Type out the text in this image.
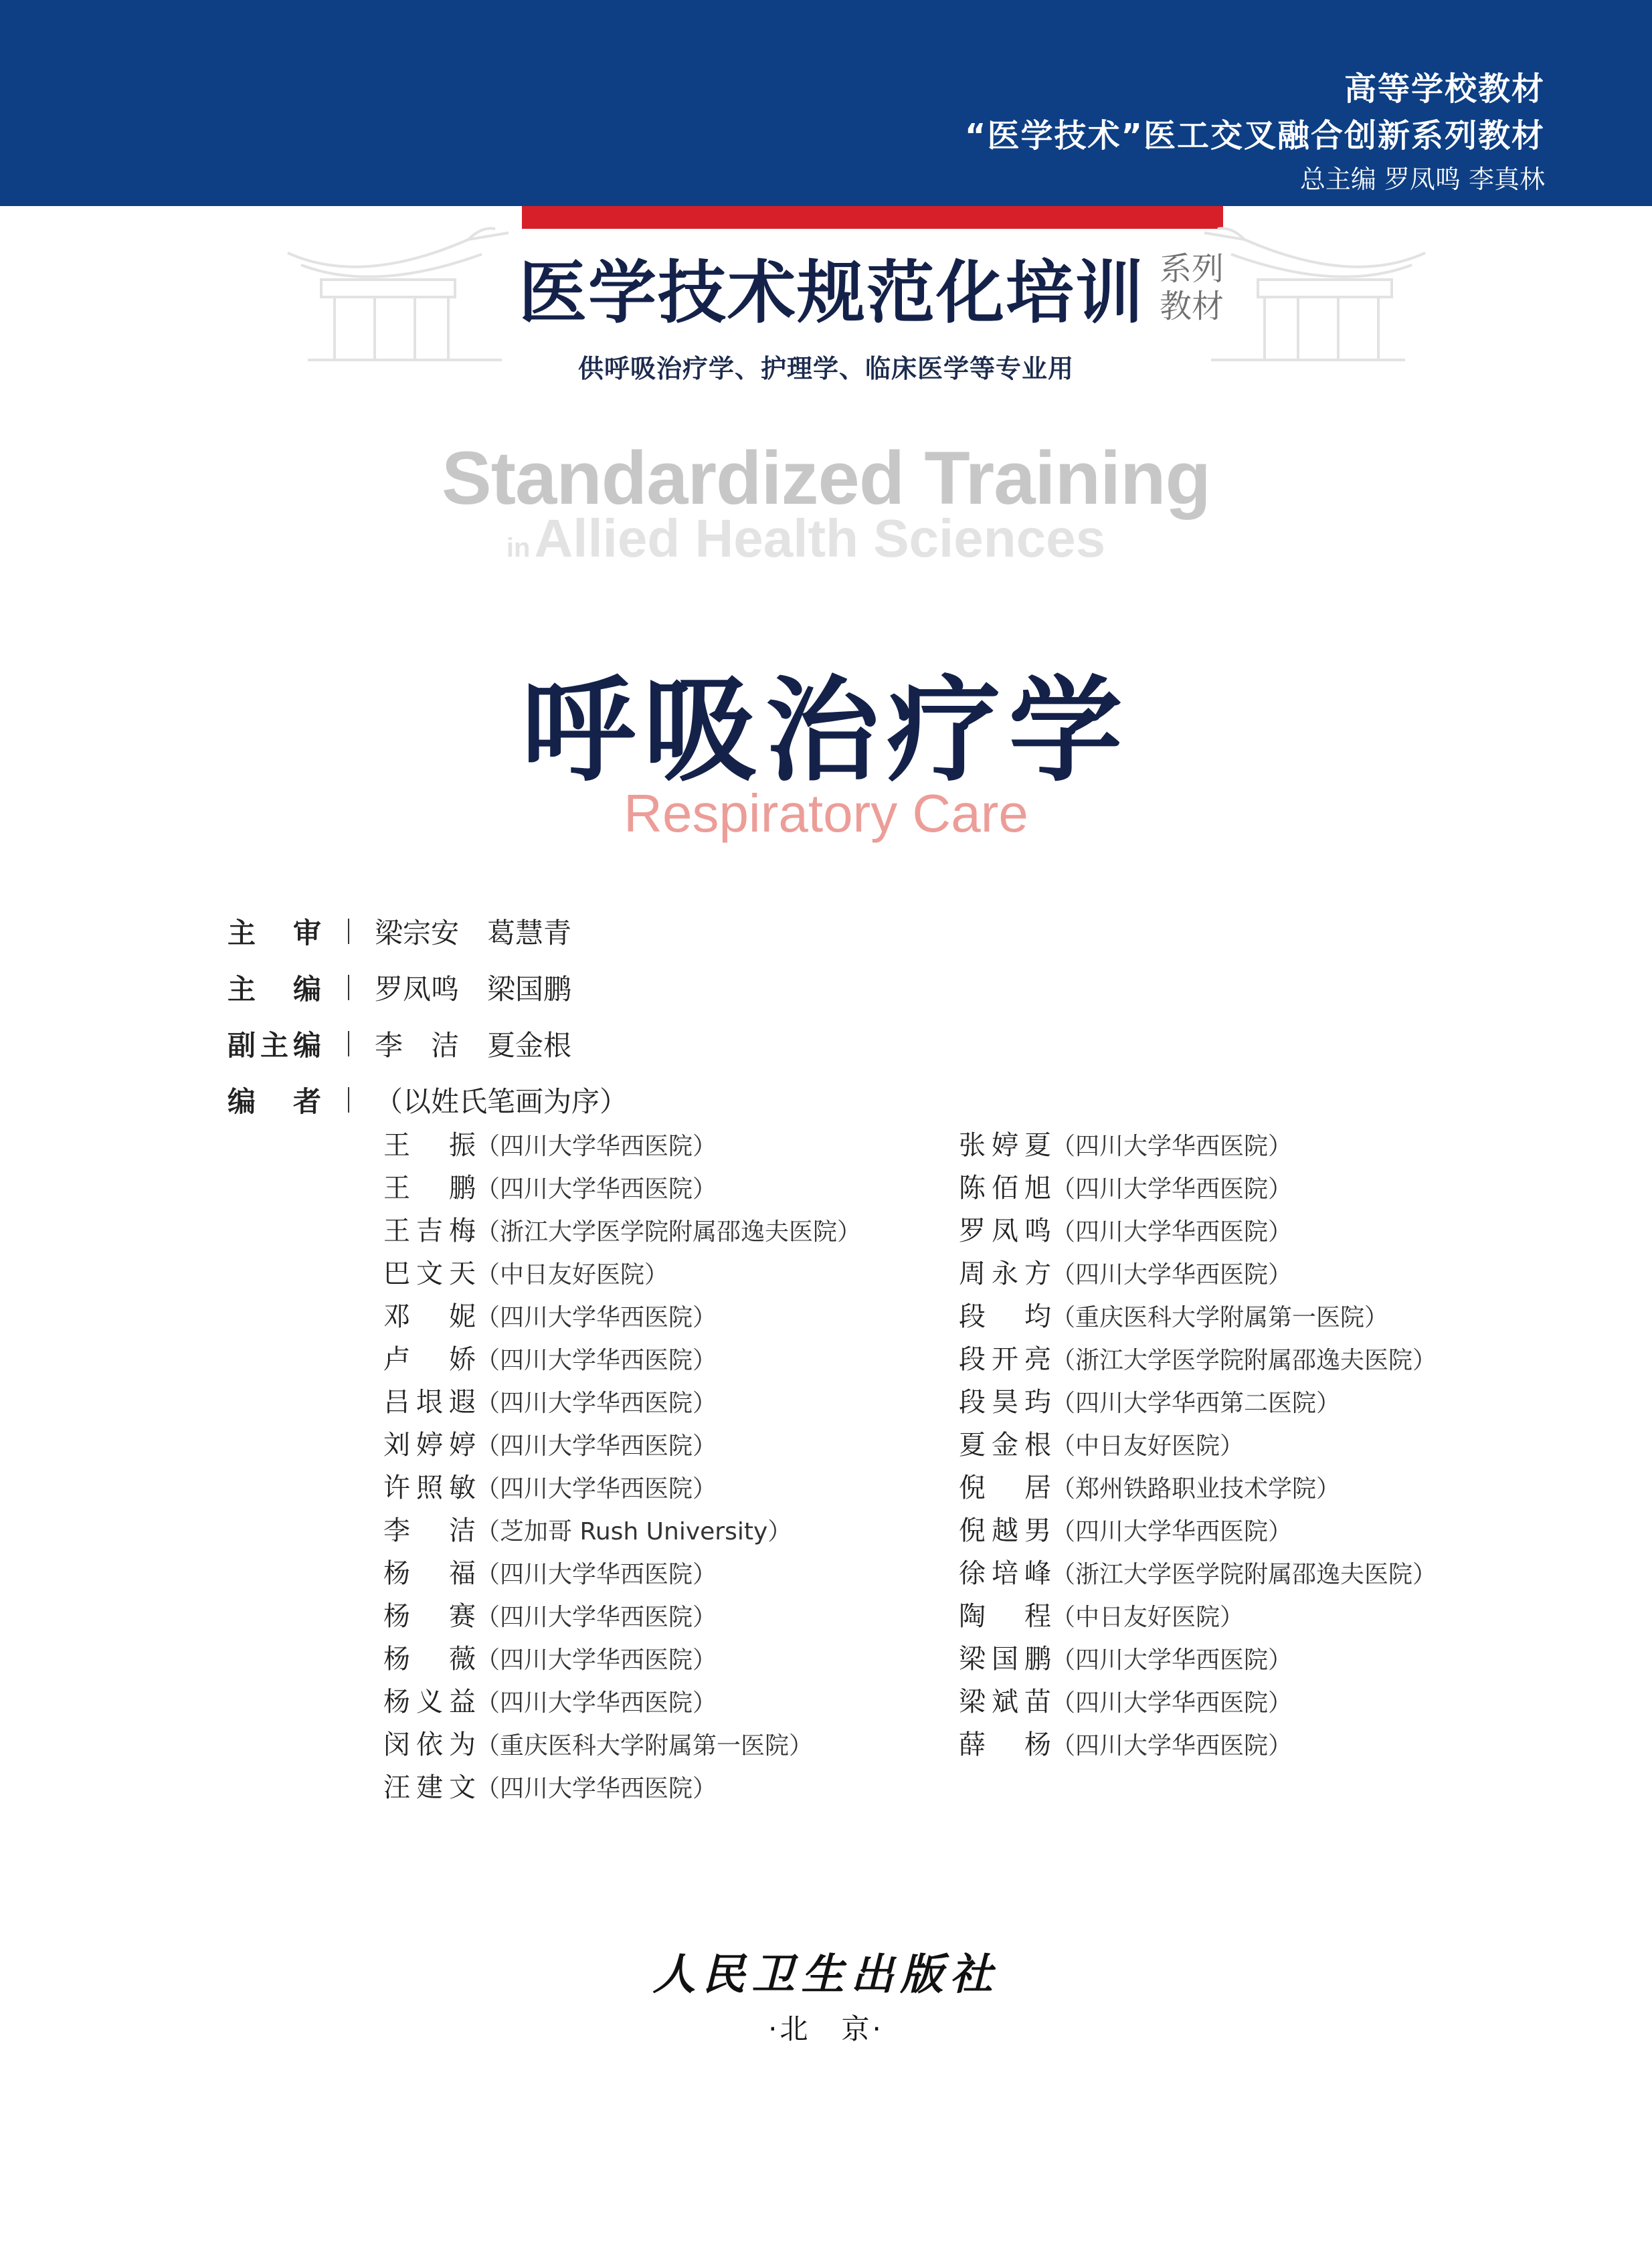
高等学校教材
“医学技术”医工交叉融合创新系列教材
总主编 罗凤鸣 李真林
医学技术规范化培训 系列
教材
供呼吸治疗学、护理学、临床医学等专业用
Standardized Training
inAllied Health Sciences
呼吸治疗学
Respiratory Care
主审 梁宗安　葛慧青
主编 罗凤鸣　梁国鹏
副主编 李　洁　夏金根
编者 （以姓氏笔画为序）
王振（四川大学华西医院）
王鹏（四川大学华西医院）
王吉梅（浙江大学医学院附属邵逸夫医院）
巴文天（中日友好医院）
邓妮（四川大学华西医院）
卢娇（四川大学华西医院）
吕垠遐（四川大学华西医院）
刘婷婷（四川大学华西医院）
许照敏（四川大学华西医院）
李洁（芝加哥 Rush University）
杨福（四川大学华西医院）
杨赛（四川大学华西医院）
杨薇（四川大学华西医院）
杨义益（四川大学华西医院）
闵依为（重庆医科大学附属第一医院）
汪建文（四川大学华西医院）
张婷夏（四川大学华西医院）
陈佰旭（四川大学华西医院）
罗凤鸣（四川大学华西医院）
周永方（四川大学华西医院）
段均（重庆医科大学附属第一医院）
段开亮（浙江大学医学院附属邵逸夫医院）
段昊玙（四川大学华西第二医院）
夏金根（中日友好医院）
倪居（郑州铁路职业技术学院）
倪越男（四川大学华西医院）
徐培峰（浙江大学医学院附属邵逸夫医院）
陶程（中日友好医院）
梁国鹏（四川大学华西医院）
梁斌苗（四川大学华西医院）
薛杨（四川大学华西医院）
人民卫生出版社
·北　京·
